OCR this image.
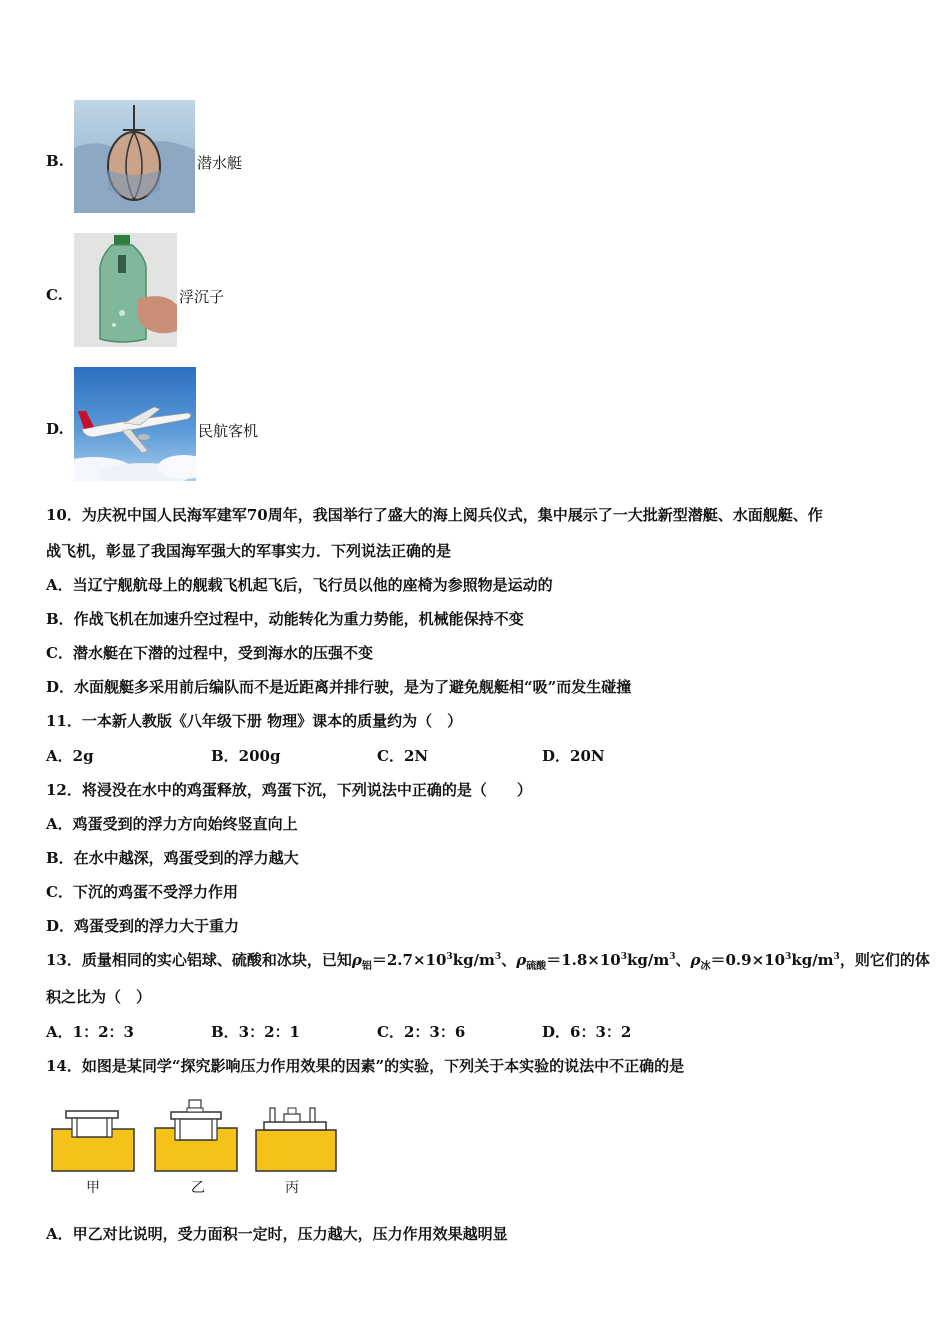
B.	潜水艇
C.	浮沉子
D.	民航客机
10．为庆祝中国人民海军建军70周年，我国举行了盛大的海上阅兵仪式，集中展示了一大批新型潜艇、水面舰艇、作
战飞机，彰显了我国海军强大的军事实力．下列说法正确的是
A．当辽宁舰航母上的舰载飞机起飞后，飞行员以他的座椅为参照物是运动的
B．作战飞机在加速升空过程中，动能转化为重力势能，机械能保持不变
C．潜水艇在下潜的过程中，受到海水的压强不变
D．水面舰艇多采用前后编队而不是近距离并排行驶，是为了避免舰艇相“吸”而发生碰撞
11．一本新人教版《八年级下册 物理》课本的质量约为（　）
A．2g	B．200g	C．2N	D．20N
12．将浸没在水中的鸡蛋释放，鸡蛋下沉，下列说法中正确的是（　　）
A．鸡蛋受到的浮力方向始终竖直向上
B．在水中越深，鸡蛋受到的浮力越大
C．下沉的鸡蛋不受浮力作用
D．鸡蛋受到的浮力大于重力
13．质量相同的实心铝球、硫酸和冰块，已知$\rho_铝=2.7\times 10^3kg/m^3$、$\rho_{硫酸}=1.8\times 10^3kg/m^3$、$\rho_冰=0.9\times 10^3kg/m^3$，则它们的体
积之比为（　）
A．1：2：3	B．3：2：1	C．2：3：6	D．6：3：2
14．如图是某同学“探究影响压力作用效果的因素”的实验，下列关于本实验的说法中不正确的是
甲	乙	丙
A．甲乙对比说明，受力面积一定时，压力越大，压力作用效果越明显
